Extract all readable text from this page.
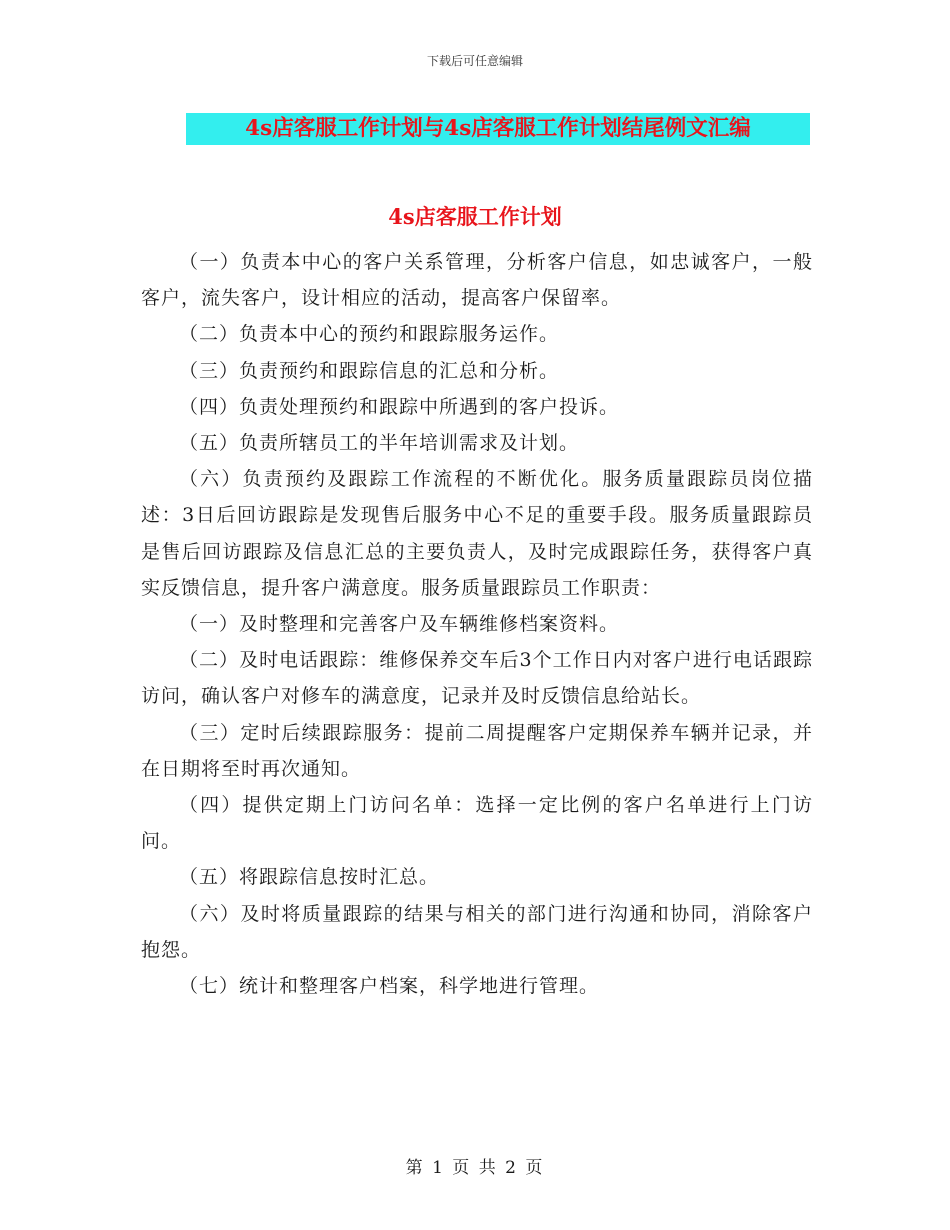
下载后可任意编辑
4s店客服工作计划与4s店客服工作计划结尾例文汇编
4s店客服工作计划

（一）负责本中心的客户关系管理，分析客户信息，如忠诚客户，一般客户，流失客户，设计相应的活动，提高客户保留率。

（二）负责本中心的预约和跟踪服务运作。

（三）负责预约和跟踪信息的汇总和分析。

（四）负责处理预约和跟踪中所遇到的客户投诉。

（五）负责所辖员工的半年培训需求及计划。

（六）负责预约及跟踪工作流程的不断优化。服务质量跟踪员岗位描述：3日后回访跟踪是发现售后服务中心不足的重要手段。服务质量跟踪员是售后回访跟踪及信息汇总的主要负责人，及时完成跟踪任务，获得客户真实反馈信息，提升客户满意度。服务质量跟踪员工作职责：

（一）及时整理和完善客户及车辆维修档案资料。

（二）及时电话跟踪：维修保养交车后3个工作日内对客户进行电话跟踪访问，确认客户对修车的满意度，记录并及时反馈信息给站长。

（三）定时后续跟踪服务：提前二周提醒客户定期保养车辆并记录，并在日期将至时再次通知。

（四）提供定期上门访问名单：选择一定比例的客户名单进行上门访问。

（五）将跟踪信息按时汇总。

（六）及时将质量跟踪的结果与相关的部门进行沟通和协同，消除客户抱怨。

（七）统计和整理客户档案，科学地进行管理。

第 1 页 共 2 页
